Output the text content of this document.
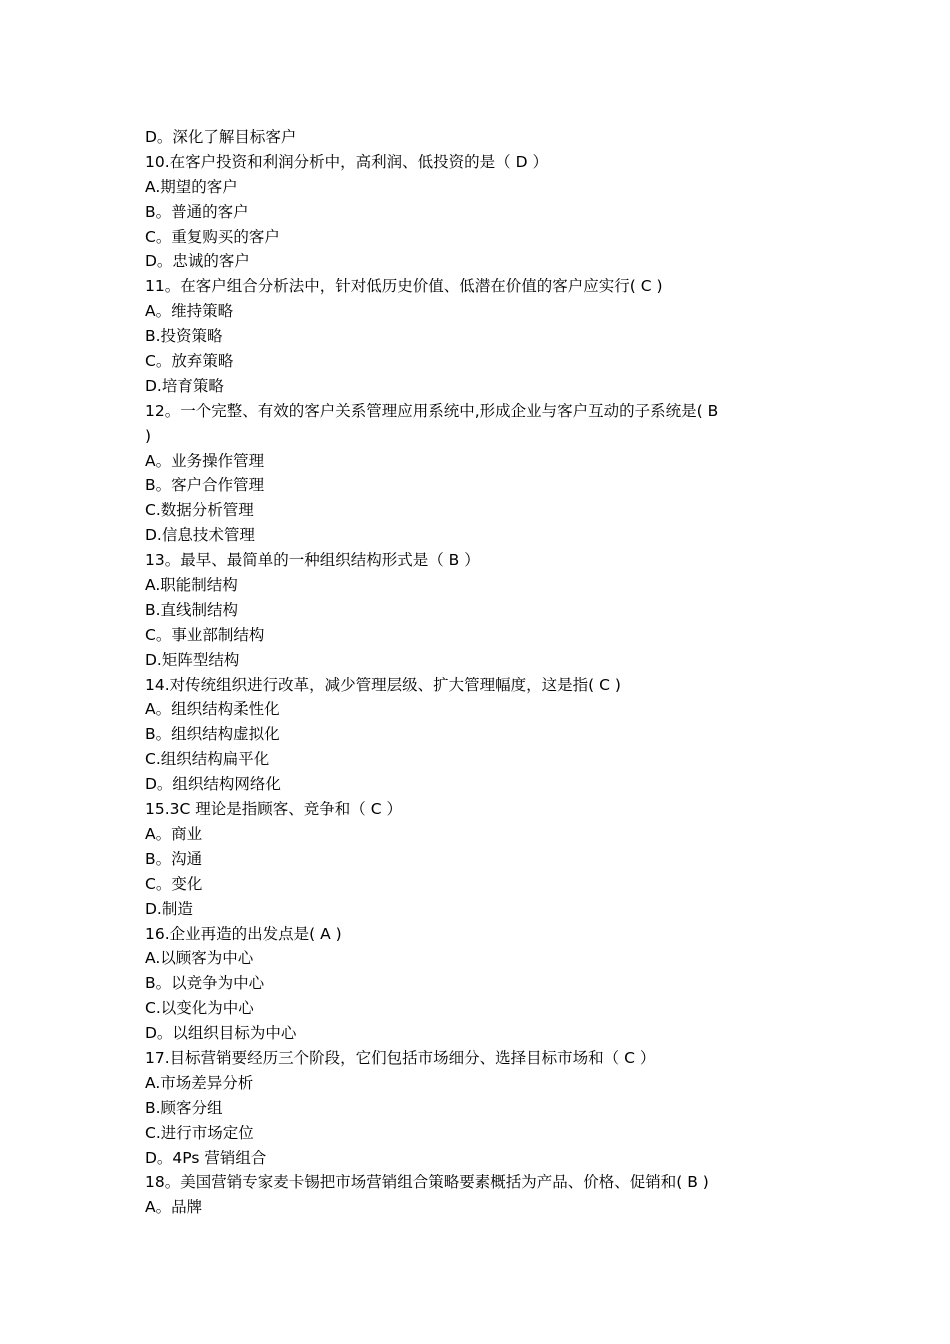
D。深化了解目标客户
10.在客户投资和利润分析中，高利润、低投资的是（ D ）
A.期望的客户
B。普通的客户
C。重复购买的客户
D。忠诚的客户
11。在客户组合分析法中，针对低历史价值、低潜在价值的客户应实行( C )
A。维持策略
B.投资策略
C。放弃策略
D.培育策略
12。一个完整、有效的客户关系管理应用系统中,形成企业与客户互动的子系统是( B
)
A。业务操作管理
B。客户合作管理
C.数据分析管理
D.信息技术管理
13。最早、最简单的一种组织结构形式是（ B ）
A.职能制结构
B.直线制结构
C。事业部制结构
D.矩阵型结构
14.对传统组织进行改革，减少管理层级、扩大管理幅度，这是指( C )
A。组织结构柔性化
B。组织结构虚拟化
C.组织结构扁平化
D。组织结构网络化
15.3C 理论是指顾客、竞争和（ C ）
A。商业
B。沟通
C。变化
D.制造
16.企业再造的出发点是( A )
A.以顾客为中心
B。以竞争为中心
C.以变化为中心
D。以组织目标为中心
17.目标营销要经历三个阶段，它们包括市场细分、选择目标市场和（ C ）
A.市场差异分析
B.顾客分组
C.进行市场定位
D。4Ps 营销组合
18。美国营销专家麦卡锡把市场营销组合策略要素概括为产品、价格、促销和( B )
A。品牌
